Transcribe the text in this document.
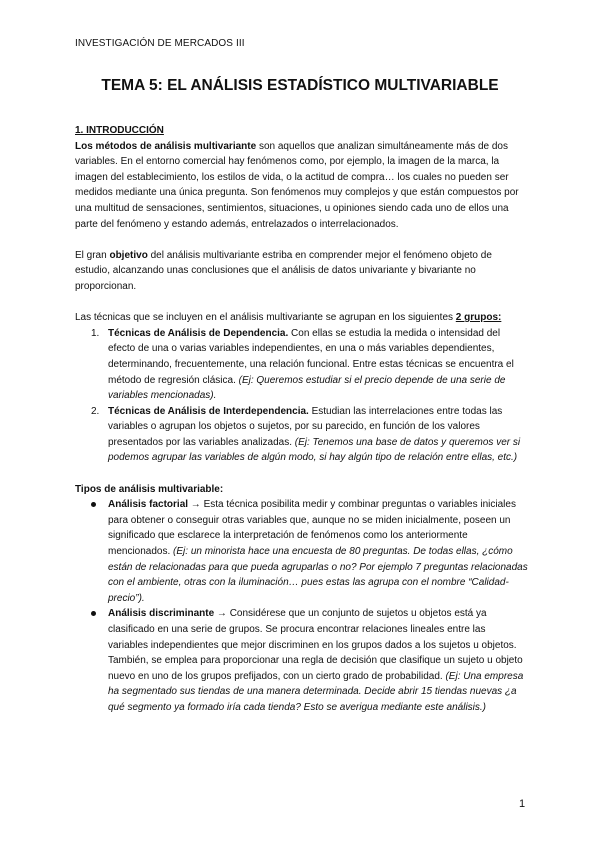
INVESTIGACIÓN DE MERCADOS III
TEMA 5: EL ANÁLISIS ESTADÍSTICO MULTIVARIABLE

1. INTRODUCCIÓN

Los métodos de análisis multivariante son aquellos que analizan simultáneamente más de dos variables. En el entorno comercial hay fenómenos como, por ejemplo, la imagen de la marca, la imagen del establecimiento, los estilos de vida, o la actitud de compra… los cuales no pueden ser medidos mediante una única pregunta. Son fenómenos muy complejos y que están compuestos por una multitud de sensaciones, sentimientos, situaciones, u opiniones siendo cada uno de ellos una parte del fenómeno y estando además, entrelazados o interrelacionados.

El gran objetivo del análisis multivariante estriba en comprender mejor el fenómeno objeto de estudio, alcanzando unas conclusiones que el análisis de datos univariante y bivariante no proporcionan.

Las técnicas que se incluyen en el análisis multivariante se agrupan en los siguientes 2 grupos:

1. Técnicas de Análisis de Dependencia. Con ellas se estudia la medida o intensidad del efecto de una o varias variables independientes, en una o más variables dependientes, determinando, frecuentemente, una relación funcional. Entre estas técnicas se encuentra el método de regresión clásica. (Ej: Queremos estudiar si el precio depende de una serie de variables mencionadas).
2. Técnicas de Análisis de Interdependencia. Estudian las interrelaciones entre todas las variables o agrupan los objetos o sujetos, por su parecido, en función de los valores presentados por las variables analizadas. (Ej: Tenemos una base de datos y queremos ver si podemos agrupar las variables de algún modo, si hay algún tipo de relación entre ellas, etc.)

Tipos de análisis multivariable:

Análisis factorial → Esta técnica posibilita medir y combinar preguntas o variables iniciales para obtener o conseguir otras variables que, aunque no se miden inicialmente, poseen un significado que esclarece la interpretación de fenómenos como los anteriormente mencionados. (Ej: un minorista hace una encuesta de 80 preguntas. De todas ellas, ¿cómo están de relacionadas para que pueda agruparlas o no? Por ejemplo 7 preguntas relacionadas con el ambiente, otras con la iluminación… pues estas las agrupa con el nombre “Calidad-precio”).
Análisis discriminante → Considérese que un conjunto de sujetos u objetos está ya clasificado en una serie de grupos. Se procura encontrar relaciones lineales entre las variables independientes que mejor discriminen en los grupos dados a los sujetos u objetos. También, se emplea para proporcionar una regla de decisión que clasifique un sujeto u objeto nuevo en uno de los grupos prefijados, con un cierto grado de probabilidad. (Ej: Una empresa ha segmentado sus tiendas de una manera determinada. Decide abrir 15 tiendas nuevas ¿a qué segmento ya formado iría cada tienda? Esto se averigua mediante este análisis.)
1
